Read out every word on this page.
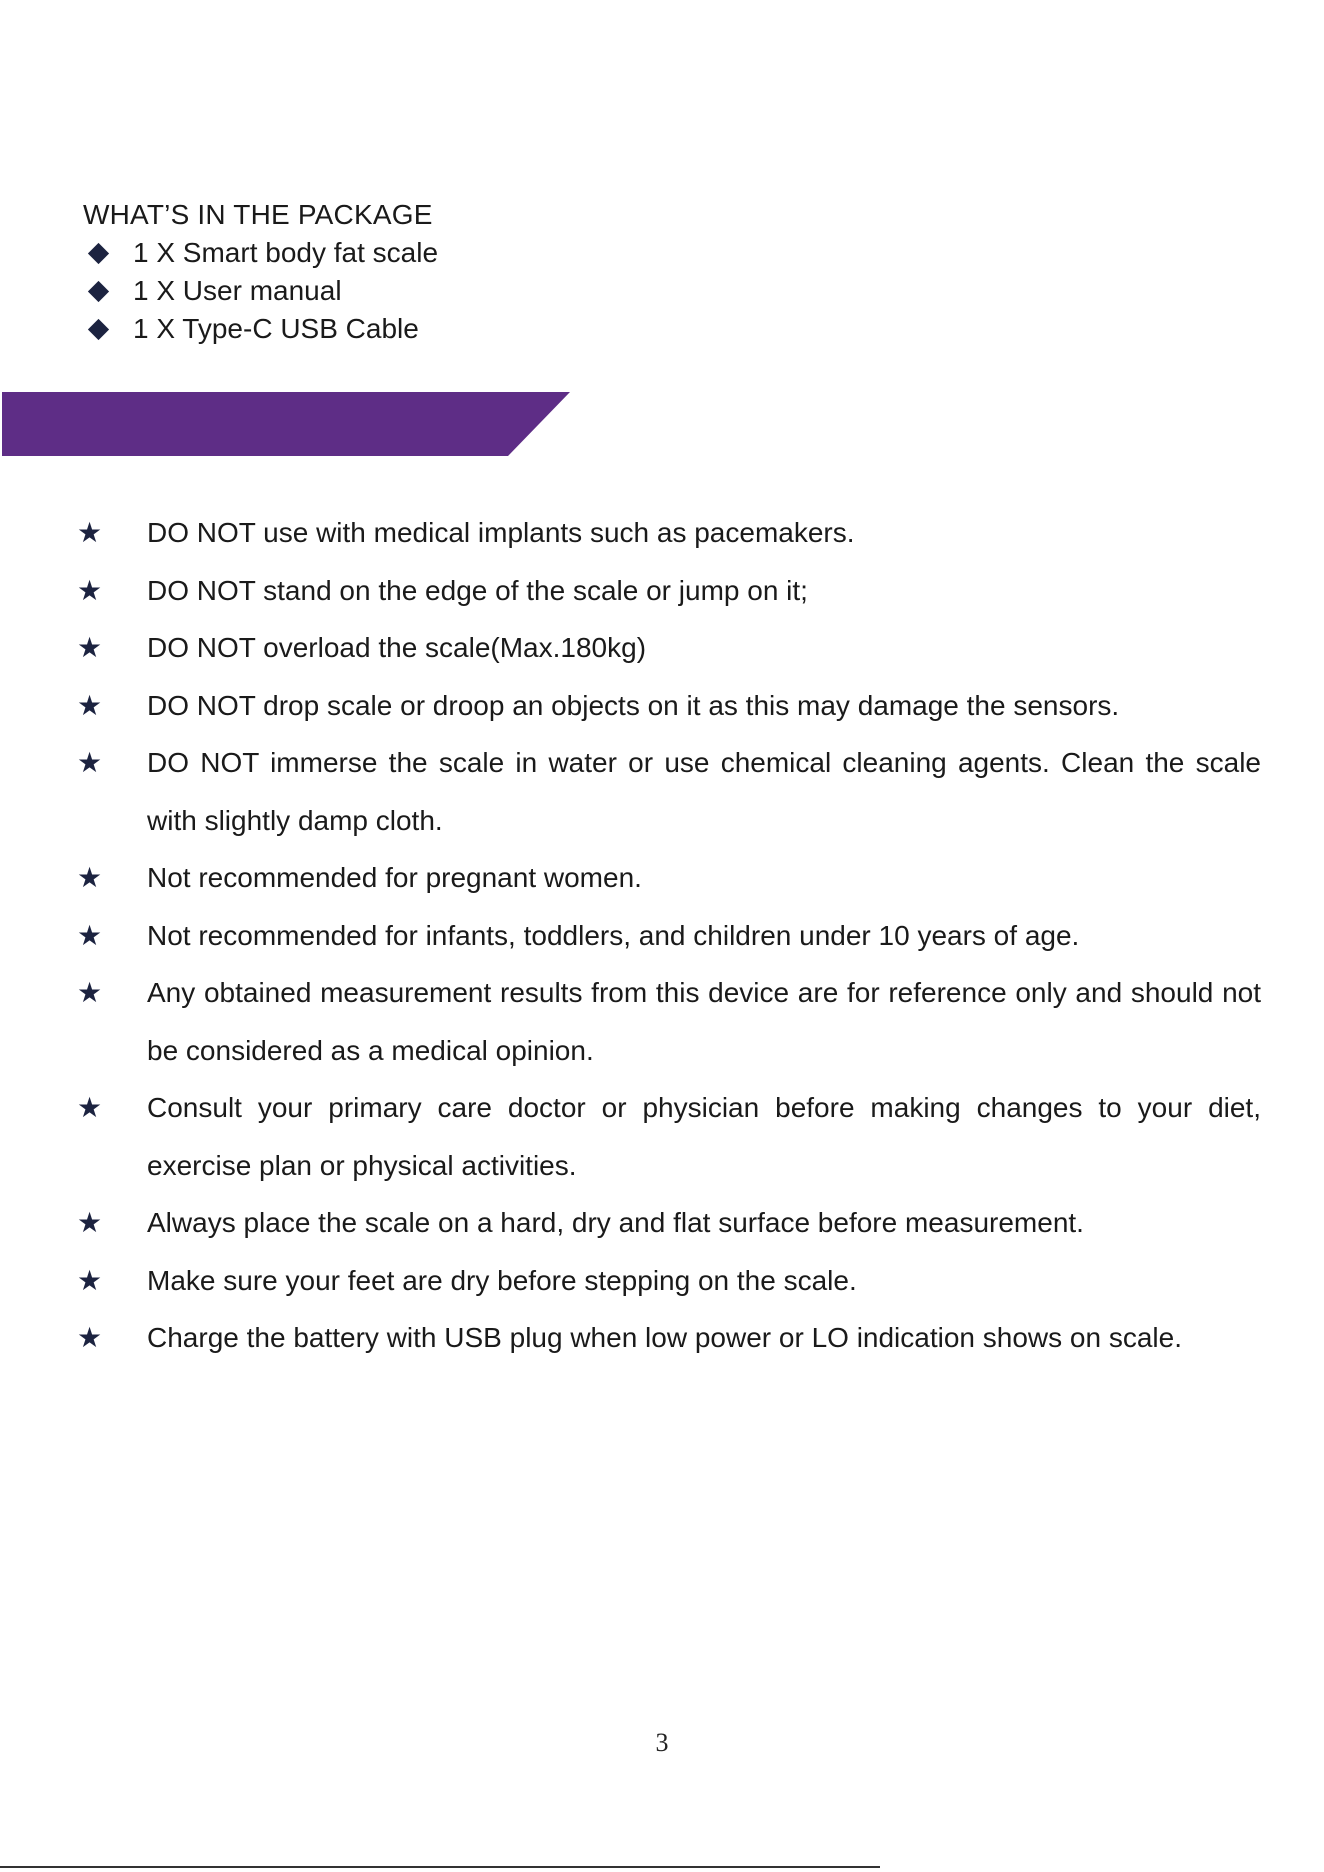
WHAT’S IN THE PACKAGE
1 X Smart body fat scale
1 X User manual
1 X Type-C USB Cable
★	DO NOT use with medical implants such as pacemakers.
★	DO NOT stand on the edge of the scale or jump on it;
★	DO NOT overload the scale(Max.180kg)
★	DO NOT drop scale or droop an objects on it as this may damage the sensors.
★	DO NOT immerse the scale in water or use chemical cleaning agents. Clean the scale with slightly damp cloth.
★	Not recommended for pregnant women.
★	Not recommended for infants, toddlers, and children under 10 years of age.
★	Any obtained measurement results from this device are for reference only and should not be considered as a medical opinion.
★	Consult your primary care doctor or physician before making changes to your diet, exercise plan or physical activities.
★	Always place the scale on a hard, dry and flat surface before measurement.
★	Make sure your feet are dry before stepping on the scale.
★	Charge the battery with USB plug when low power or LO indication shows on scale.
3
